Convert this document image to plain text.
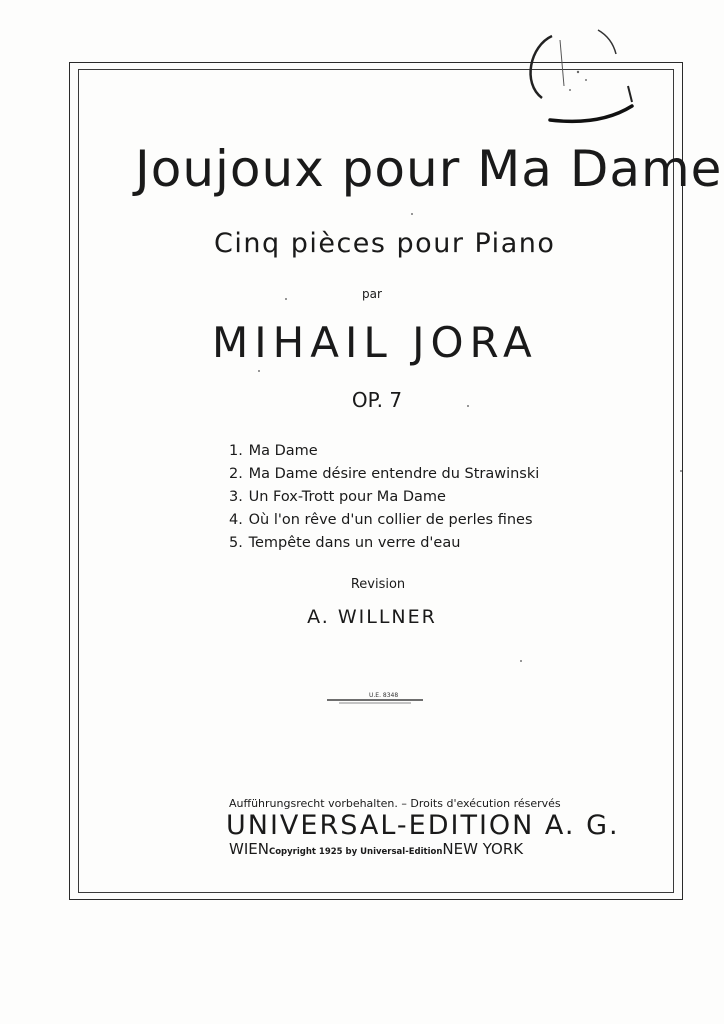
Joujoux pour Ma Dame
Cinq pièces pour Piano
par
MIHAIL JORA
OP. 7
1. Ma Dame
2. Ma Dame désire entendre du Strawinski
3. Un Fox-Trott pour Ma Dame
4. Où l'on rêve d'un collier de perles fines
5. Tempête dans un verre d'eau
Revision
A. WILLNER
U.E. 8348
Aufführungsrecht vorbehalten. – Droits d'exécution réservés
UNIVERSAL-EDITION A. G.
WIEN Copyright 1925 by Universal-Edition NEW YORK
